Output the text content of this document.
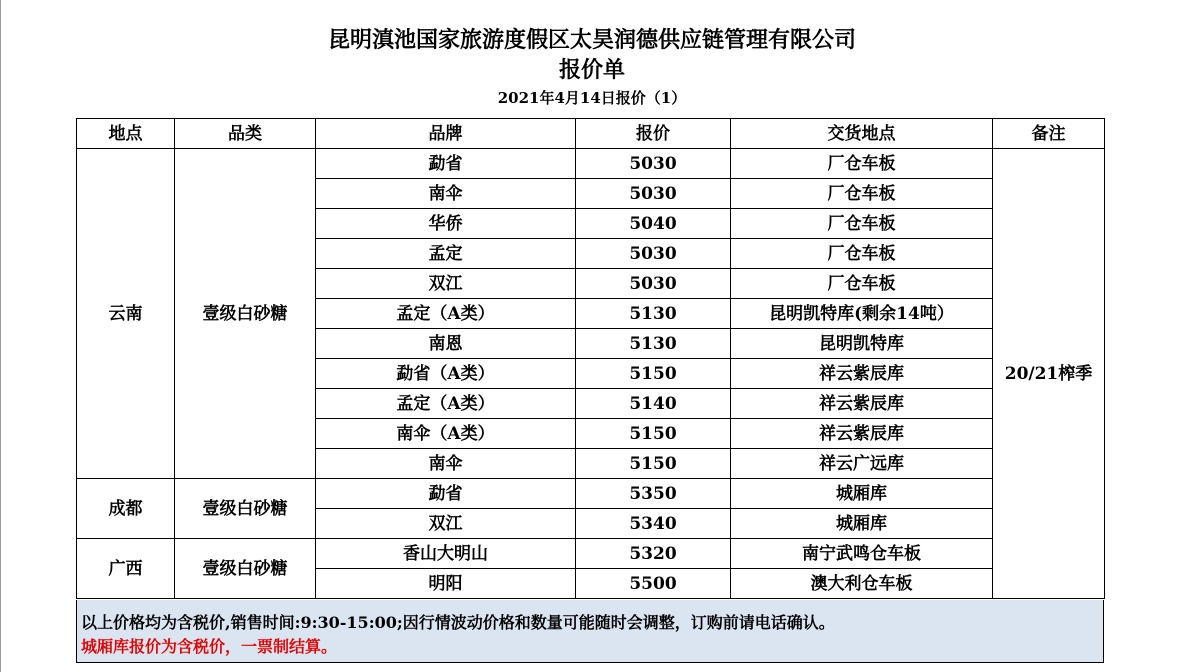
昆明滇池国家旅游度假区太昊润德供应链管理有限公司
报价单
2021年4月14日报价（1）
地点	品类	品牌	报价	交货地点	备注
云南	壹级白砂糖	勐省	5030	厂仓车板	20/21榨季
		南伞	5030	厂仓车板	
		华侨	5040	厂仓车板	
		孟定	5030	厂仓车板	
		双江	5030	厂仓车板	
		孟定（A类）	5130	昆明凯特库(剩余14吨）	
		南恩	5130	昆明凯特库	
		勐省（A类）	5150	祥云紫辰库	
		孟定（A类）	5140	祥云紫辰库	
		南伞（A类）	5150	祥云紫辰库	
		南伞	5150	祥云广远库	
成都	壹级白砂糖	勐省	5350	城厢库	
		双江	5340	城厢库	
广西	壹级白砂糖	香山大明山	5320	南宁武鸣仓车板	
		明阳	5500	澳大利仓车板	
以上价格均为含税价,销售时间:9:30-15:00;因行情波动价格和数量可能随时会调整，订购前请电话确认。
城厢库报价为含税价，一票制结算。
